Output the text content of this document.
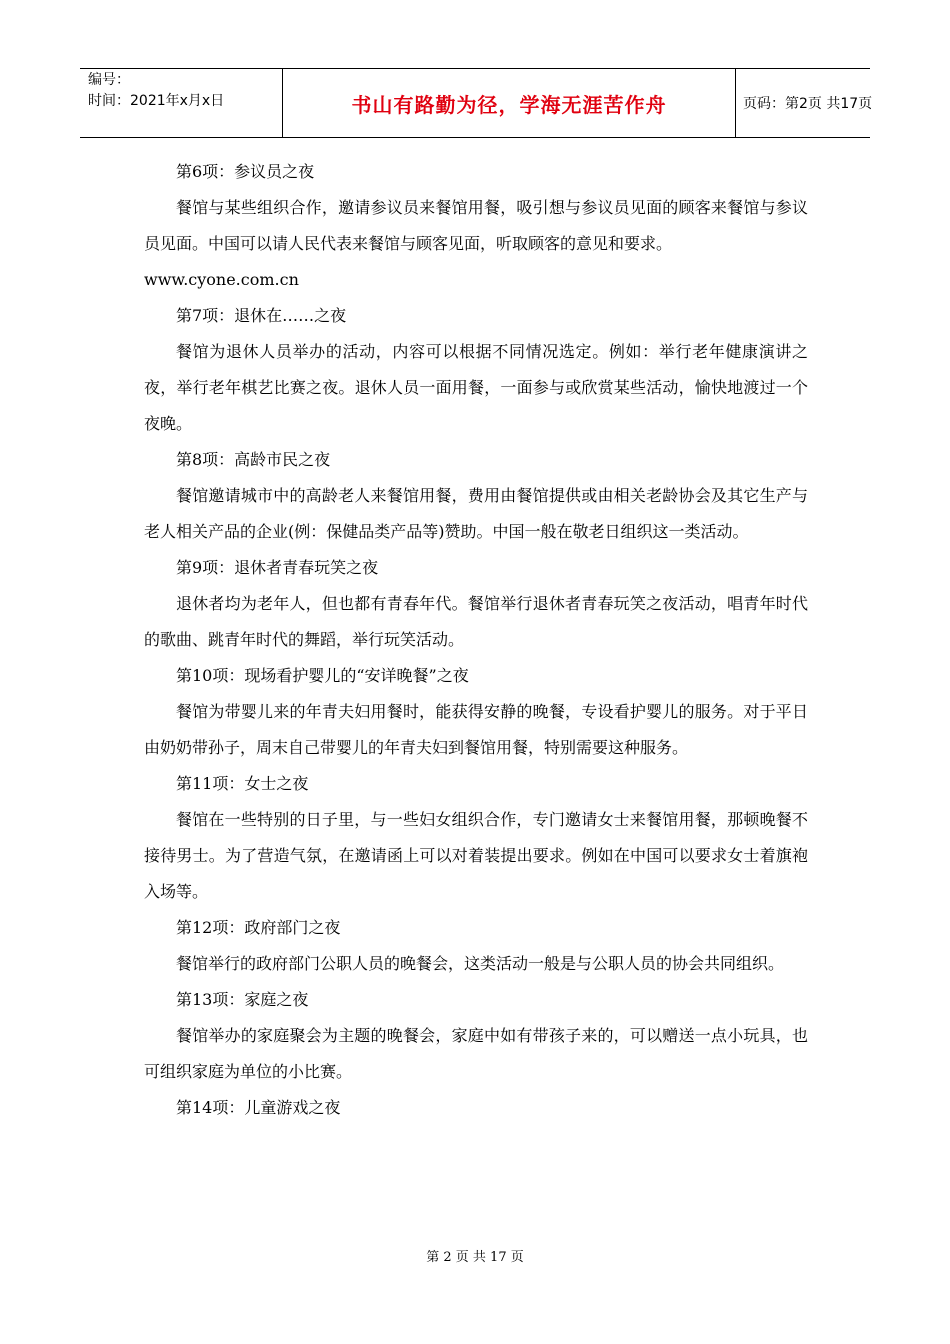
编号：
时间：2021年x月x日	书山有路勤为径，学海无涯苦作舟	页码：第2页 共17页

第6项：参议员之夜

餐馆与某些组织合作，邀请参议员来餐馆用餐，吸引想与参议员见面的顾客来餐馆与参议员见面。中国可以请人民代表来餐馆与顾客见面，听取顾客的意见和要求。

www.cyone.com.cn

第7项：退休在……之夜

餐馆为退休人员举办的活动，内容可以根据不同情况选定。例如：举行老年健康演讲之夜，举行老年棋艺比赛之夜。退休人员一面用餐，一面参与或欣赏某些活动，愉快地渡过一个夜晚。

第8项：高龄市民之夜

餐馆邀请城市中的高龄老人来餐馆用餐，费用由餐馆提供或由相关老龄协会及其它生产与老人相关产品的企业(例：保健品类产品等)赞助。中国一般在敬老日组织这一类活动。

第9项：退休者青春玩笑之夜

退休者均为老年人，但也都有青春年代。餐馆举行退休者青春玩笑之夜活动，唱青年时代的歌曲、跳青年时代的舞蹈，举行玩笑活动。

第10项：现场看护婴儿的“安详晚餐”之夜

餐馆为带婴儿来的年青夫妇用餐时，能获得安静的晚餐，专设看护婴儿的服务。对于平日由奶奶带孙子，周末自己带婴儿的年青夫妇到餐馆用餐，特别需要这种服务。

第11项：女士之夜

餐馆在一些特别的日子里，与一些妇女组织合作，专门邀请女士来餐馆用餐，那顿晚餐不接待男士。为了营造气氛，在邀请函上可以对着装提出要求。例如在中国可以要求女士着旗袍入场等。

第12项：政府部门之夜

餐馆举行的政府部门公职人员的晚餐会，这类活动一般是与公职人员的协会共同组织。

第13项：家庭之夜

餐馆举办的家庭聚会为主题的晚餐会，家庭中如有带孩子来的，可以赠送一点小玩具，也可组织家庭为单位的小比赛。

第14项：儿童游戏之夜

第 2 页 共 17 页
